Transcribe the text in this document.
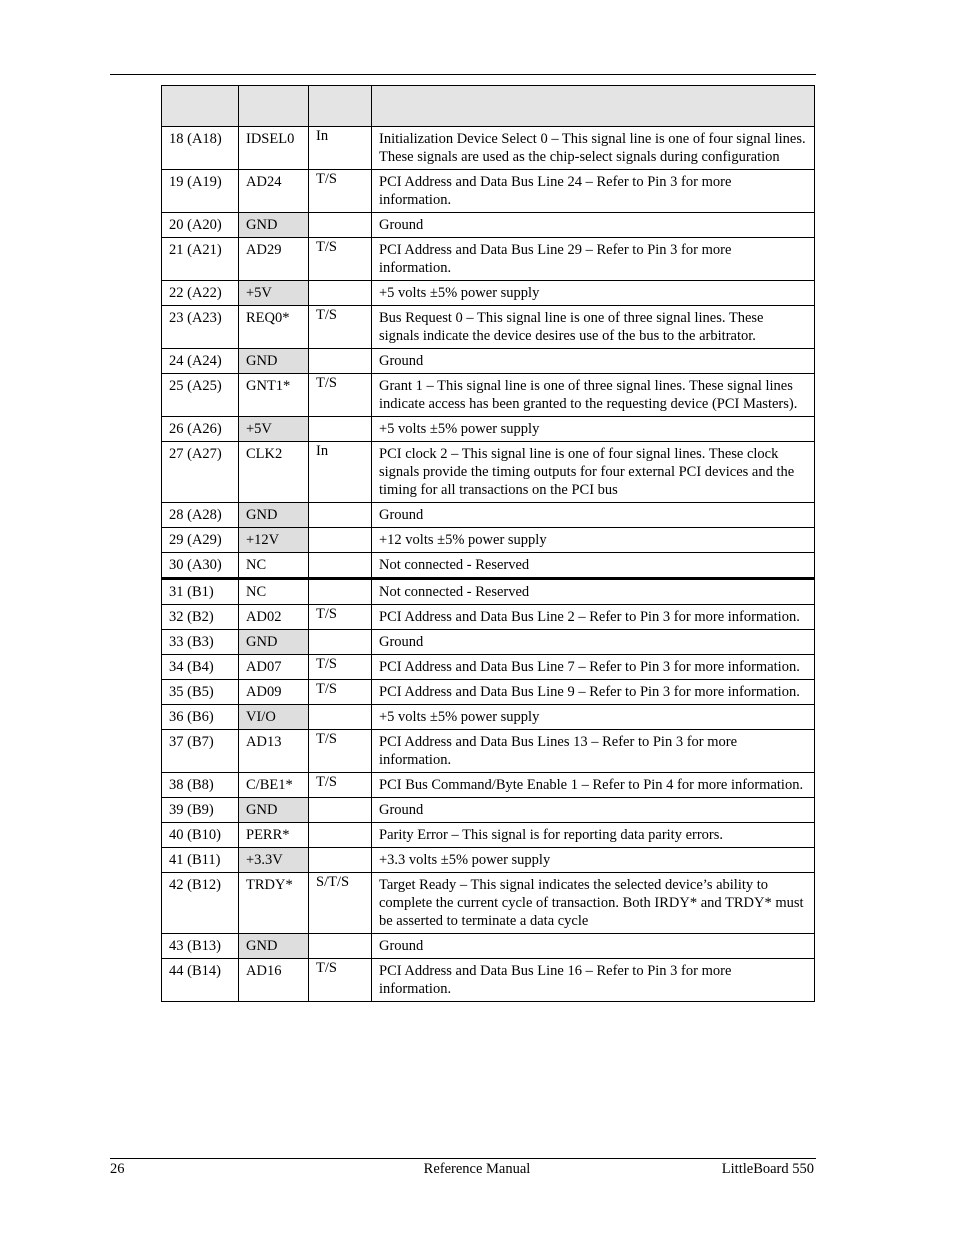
18 (A18)	IDSEL0	In	Initialization Device Select 0 – This signal line is one of four signal lines. These signals are used as the chip-select signals during configuration
19 (A19)	AD24	T/S	PCI Address and Data Bus Line 24 – Refer to Pin 3 for more information.
20 (A20)	GND		Ground
21 (A21)	AD29	T/S	PCI Address and Data Bus Line 29 – Refer to Pin 3 for more information.
22 (A22)	+5V		+5 volts ±5% power supply
23 (A23)	REQ0*	T/S	Bus Request 0 – This signal line is one of three signal lines. These signals indicate the device desires use of the bus to the arbitrator.
24 (A24)	GND		Ground
25 (A25)	GNT1*	T/S	Grant 1 – This signal line is one of three signal lines. These signal lines indicate access has been granted to the requesting device (PCI Masters).
26 (A26)	+5V		+5 volts ±5% power supply
27 (A27)	CLK2	In	PCI clock 2 – This signal line is one of four signal lines. These clock signals provide the timing outputs for four external PCI devices and the timing for all transactions on the PCI bus
28 (A28)	GND		Ground
29 (A29)	+12V		+12 volts ±5% power supply
30 (A30)	NC		Not connected - Reserved
31 (B1)	NC		Not connected - Reserved
32 (B2)	AD02	T/S	PCI Address and Data Bus Line 2 – Refer to Pin 3 for more information.
33 (B3)	GND		Ground
34 (B4)	AD07	T/S	PCI Address and Data Bus Line 7 – Refer to Pin 3 for more information.
35 (B5)	AD09	T/S	PCI Address and Data Bus Line 9 – Refer to Pin 3 for more information.
36 (B6)	VI/O		+5 volts ±5% power supply
37 (B7)	AD13	T/S	PCI Address and Data Bus Lines 13 – Refer to Pin 3 for more information.
38 (B8)	C/BE1*	T/S	PCI Bus Command/Byte Enable 1 – Refer to Pin 4 for more information.
39 (B9)	GND		Ground
40 (B10)	PERR*		Parity Error – This signal is for reporting data parity errors.
41 (B11)	+3.3V		+3.3 volts ±5% power supply
42 (B12)	TRDY*	S/T/S	Target Ready – This signal indicates the selected device’s ability to complete the current cycle of transaction. Both IRDY* and TRDY* must be asserted to terminate a data cycle
43 (B13)	GND		Ground
44 (B14)	AD16	T/S	PCI Address and Data Bus Line 16 – Refer to Pin 3 for more information.
26	Reference Manual	LittleBoard 550
